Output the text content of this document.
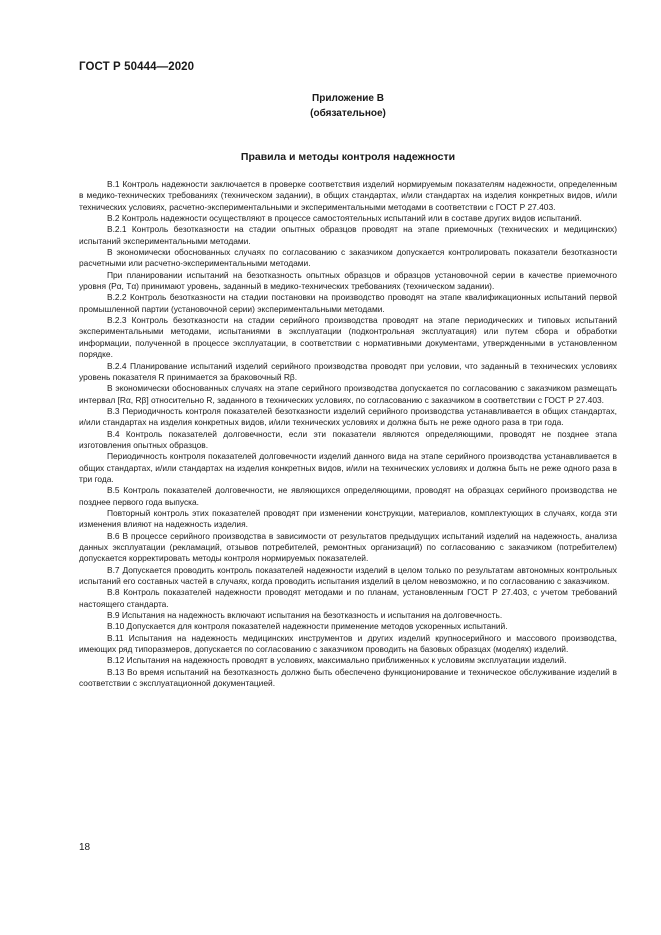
ГОСТ Р 50444—2020
Приложение В
(обязательное)
Правила и методы контроля надежности

В.1 Контроль надежности заключается в проверке соответствия изделий нормируемым показателям надежности, определенным в медико-технических требованиях (техническом задании), в общих стандартах, и/или стандартах на изделия конкретных видов, и/или технических условиях, расчетно-экспериментальными и экспериментальными методами в соответствии с ГОСТ Р 27.403.

В.2 Контроль надежности осуществляют в процессе самостоятельных испытаний или в составе других видов испытаний.

В.2.1 Контроль безотказности на стадии опытных образцов проводят на этапе приемочных (технических и медицинских) испытаний экспериментальными методами.

В экономически обоснованных случаях по согласованию с заказчиком допускается контролировать показатели безотказности расчетными или расчетно-экспериментальными методами.

При планировании испытаний на безотказность опытных образцов и образцов установочной серии в качестве приемочного уровня (Рα, Тα) принимают уровень, заданный в медико-технических требованиях (техническом задании).

В.2.2 Контроль безотказности на стадии постановки на производство проводят на этапе квалификационных испытаний первой промышленной партии (установочной серии) экспериментальными методами.

В.2.3 Контроль безотказности на стадии серийного производства проводят на этапе периодических и типовых испытаний экспериментальными методами, испытаниями в эксплуатации (подконтрольная эксплуатация) или путем сбора и обработки информации, полученной в процессе эксплуатации, в соответствии с нормативными документами, утвержденными в установленном порядке.

В.2.4 Планирование испытаний изделий серийного производства проводят при условии, что заданный в технических условиях уровень показателя R принимается за браковочный Rβ.

В экономически обоснованных случаях на этапе серийного производства допускается по согласованию с заказчиком размещать интервал [Rα, Rβ] относительно R, заданного в технических условиях, по согласованию с заказчиком в соответствии с ГОСТ Р 27.403.

В.3 Периодичность контроля показателей безотказности изделий серийного производства устанавливается в общих стандартах, и/или стандартах на изделия конкретных видов, и/или технических условиях и должна быть не реже одного раза в три года.

В.4 Контроль показателей долговечности, если эти показатели являются определяющими, проводят не позднее этапа изготовления опытных образцов.

Периодичность контроля показателей долговечности изделий данного вида на этапе серийного производства устанавливается в общих стандартах, и/или стандартах на изделия конкретных видов, и/или на технических условиях и должна быть не реже одного раза в три года.

В.5 Контроль показателей долговечности, не являющихся определяющими, проводят на образцах серийного производства не позднее первого года выпуска.

Повторный контроль этих показателей проводят при изменении конструкции, материалов, комплектующих в случаях, когда эти изменения влияют на надежность изделия.

В.6 В процессе серийного производства в зависимости от результатов предыдущих испытаний изделий на надежность, анализа данных эксплуатации (рекламаций, отзывов потребителей, ремонтных организаций) по согласованию с заказчиком (потребителем) допускается корректировать методы контроля нормируемых показателей.

В.7 Допускается проводить контроль показателей надежности изделий в целом только по результатам автономных контрольных испытаний его составных частей в случаях, когда проводить испытания изделий в целом невозможно, и по согласованию с заказчиком.

В.8 Контроль показателей надежности проводят методами и по планам, установленным ГОСТ Р 27.403, с учетом требований настоящего стандарта.

В.9 Испытания на надежность включают испытания на безотказность и испытания на долговечность.

В.10 Допускается для контроля показателей надежности применение методов ускоренных испытаний.

В.11 Испытания на надежность медицинских инструментов и других изделий крупносерийного и массового производства, имеющих ряд типоразмеров, допускается по согласованию с заказчиком проводить на базовых образцах (моделях) изделий.

В.12 Испытания на надежность проводят в условиях, максимально приближенных к условиям эксплуатации изделий.

В.13 Во время испытаний на безотказность должно быть обеспечено функционирование и техническое обслуживание изделий в соответствии с эксплуатационной документацией.

18
